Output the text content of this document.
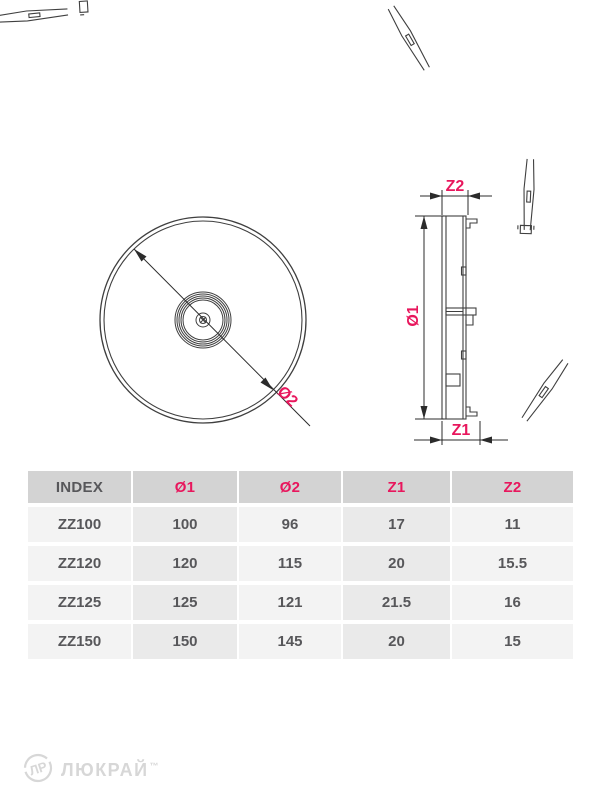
Ø2
Z2
Ø1
Z1
INDEX	Ø1	Ø2	Z1	Z2
ZZ100	100	96	17	11
ZZ120	120	115	20	15.5
ZZ125	125	121	21.5	16
ZZ150	150	145	20	15
ЛР ЛЮКРАЙ™
